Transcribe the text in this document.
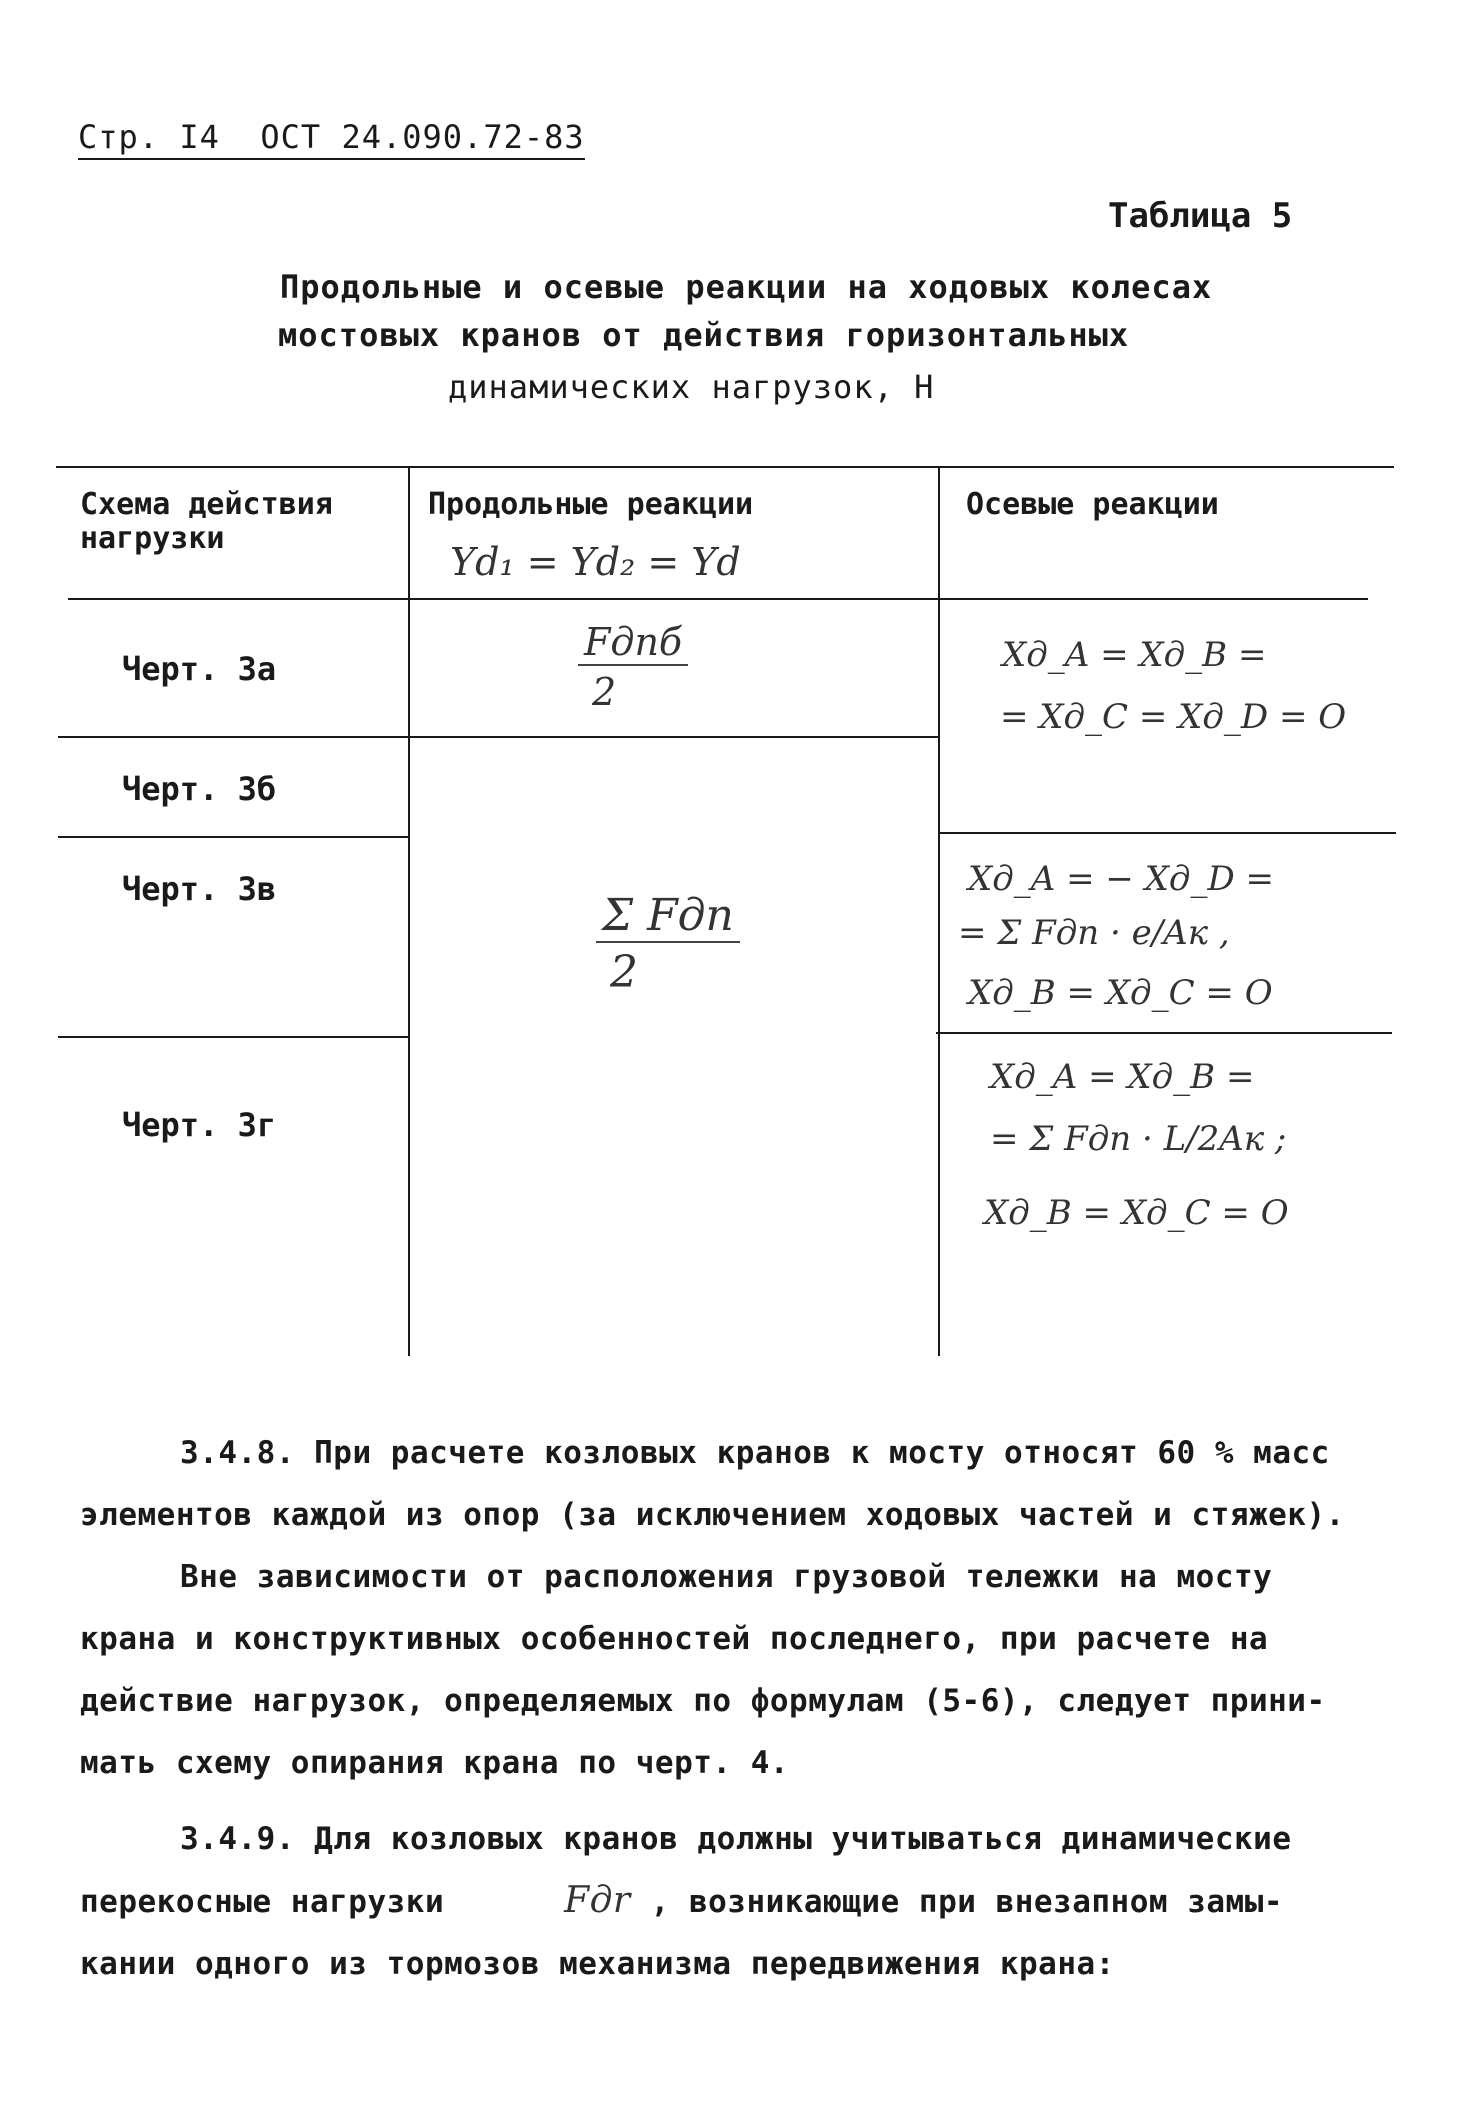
Стр. I4 ОСТ 24.090.72-83
Таблица 5
Продольные и осевые реакции на ходовых колесах
мостовых кранов от действия горизонтальных
динамических нагрузок, Н
Схема действия нагрузки
Продольные реакции
Yd₁ = Yd₂ = Yd
Осевые реакции
Черт. 3а
Черт. 3б
Черт. 3в
Черт. 3г
Fдпб
2
Σ Fдп
2
Xд_A = Xд_B =
= Xд_C = Xд_D = O
Xд_A = − Xд_D =
= Σ Fдп · e/Aк ,
Xд_B = Xд_C = O
Xд_A = Xд_B =
= Σ Fдп · L/2Aк ;
Xд_B = Xд_C = O

3.4.8. При расчете козловых кранов к мосту относят 60 % масс

элементов каждой из опор (за исключением ходовых частей и стяжек).

Вне зависимости от расположения грузовой тележки на мосту

крана и конструктивных особенностей последнего, при расчете на

действие нагрузок, определяемых по формулам (5-6), следует прини-

мать схему опирания крана по черт. 4.

3.4.9. Для козловых кранов должны учитываться динамические

перекосные нагрузки	Fдr , возникающие при внезапном замы-

кании одного из тормозов механизма передвижения крана:
